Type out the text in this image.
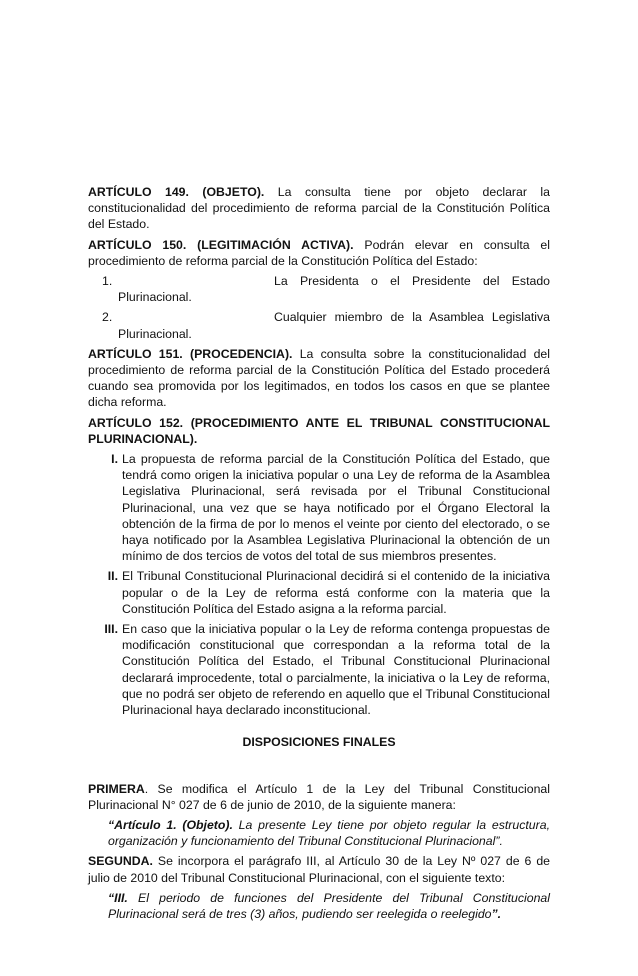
ARTÍCULO 149. (OBJETO). La consulta tiene por objeto declarar la constitucionalidad del procedimiento de reforma parcial de la Constitución Política del Estado.

ARTÍCULO 150. (LEGITIMACIÓN ACTIVA). Podrán elevar en consulta el procedimiento de reforma parcial de la Constitución Política del Estado:

1.	La Presidenta o el Presidente del Estado
Plurinacional.
2.	Cualquier miembro de la Asamblea Legislativa
Plurinacional.

ARTÍCULO 151. (PROCEDENCIA). La consulta sobre la constitucionalidad del procedimiento de reforma parcial de la Constitución Política del Estado procederá cuando sea promovida por los legitimados, en todos los casos en que se plantee dicha reforma.

ARTÍCULO 152. (PROCEDIMIENTO ANTE EL TRIBUNAL CONSTITUCIONAL PLURINACIONAL).

I. La propuesta de reforma parcial de la Constitución Política del Estado, que tendrá como origen la iniciativa popular o una Ley de reforma de la Asamblea Legislativa Plurinacional, será revisada por el Tribunal Constitucional Plurinacional, una vez que se haya notificado por el Órgano Electoral la obtención de la firma de por lo menos el veinte por ciento del electorado, o se haya notificado por la Asamblea Legislativa Plurinacional la obtención de un mínimo de dos tercios de votos del total de sus miembros presentes.
II. El Tribunal Constitucional Plurinacional decidirá si el contenido de la iniciativa popular o de la Ley de reforma está conforme con la materia que la Constitución Política del Estado asigna a la reforma parcial.
III. En caso que la iniciativa popular o la Ley de reforma contenga propuestas de modificación constitucional que correspondan a la reforma total de la Constitución Política del Estado, el Tribunal Constitucional Plurinacional declarará improcedente, total o parcialmente, la iniciativa o la Ley de reforma, que no podrá ser objeto de referendo en aquello que el Tribunal Constitucional Plurinacional haya declarado inconstitucional.
DISPOSICIONES FINALES

PRIMERA. Se modifica el Artículo 1 de la Ley del Tribunal Constitucional Plurinacional N° 027 de 6 de junio de 2010, de la siguiente manera:

“Artículo 1. (Objeto). La presente Ley tiene por objeto regular la estructura, organización y funcionamiento del Tribunal Constitucional Plurinacional”.

SEGUNDA. Se incorpora el parágrafo III, al Artículo 30 de la Ley Nº 027 de 6 de julio de 2010 del Tribunal Constitucional Plurinacional, con el siguiente texto:

“III. El periodo de funciones del Presidente del Tribunal Constitucional Plurinacional será de tres (3) años, pudiendo ser reelegida o reelegido”.
